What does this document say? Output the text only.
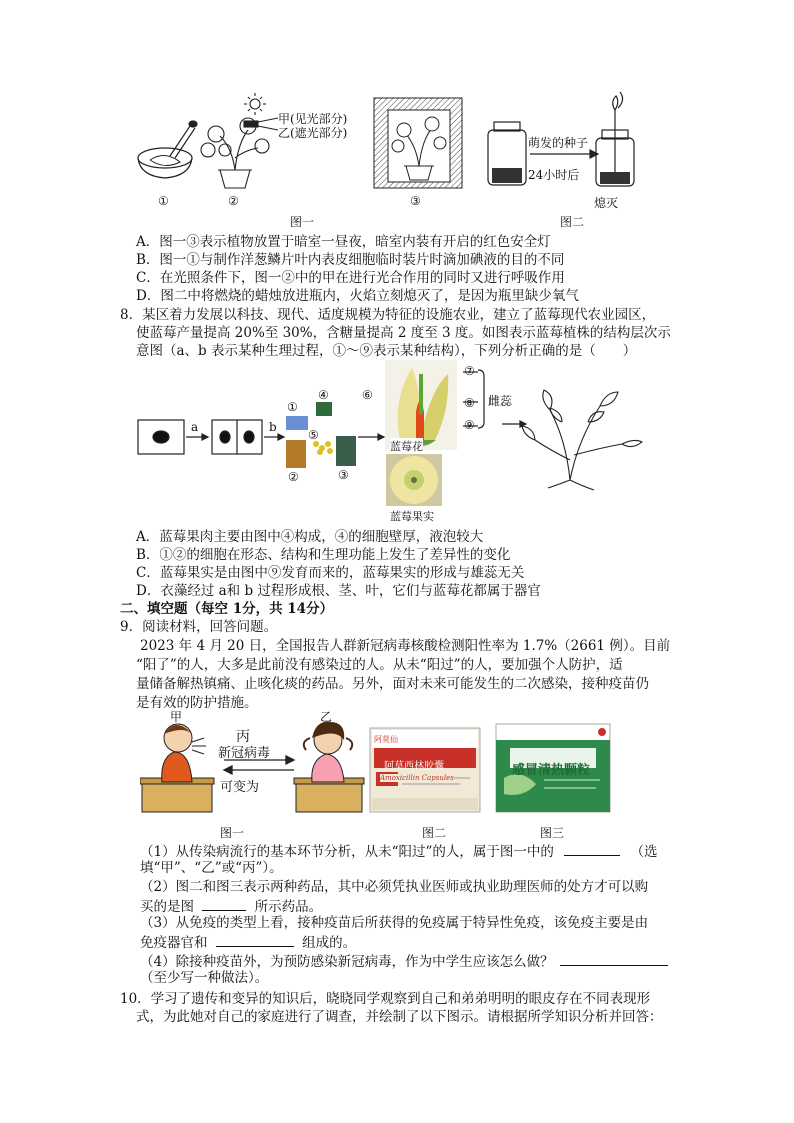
甲(见光部分)
乙(遮光部分)
①	②	③
萌发的种子
24小时后
熄灭
图一	图二
A．图一③表示植物放置于暗室一昼夜，暗室内装有开启的红色安全灯
B．图一①与制作洋葱鳞片叶内表皮细胞临时装片时滴加碘液的目的不同
C．在光照条件下，图一②中的甲在进行光合作用的同时又进行呼吸作用
D．图二中将燃烧的蜡烛放进瓶内，火焰立刻熄灭了，是因为瓶里缺少氧气
8．某区着力发展以科技、现代、适度规模为特征的设施农业，建立了蓝莓现代农业园区，
使蓝莓产量提高 20%至 30%，含糖量提高 2 度至 3 度。如图表示蓝莓植株的结构层次示
意图（a、b 表示某种生理过程，①～⑨表示某种结构），下列分析正确的是（　　）
a	b
①
④
⑤
②	③
⑥
⑦
⑧
⑨
雌蕊
蓝莓花
蓝莓果实
A．蓝莓果肉主要由图中④构成，④的细胞壁厚，液泡较大
B．①②的细胞在形态、结构和生理功能上发生了差异性的变化
C．蓝莓果实是由图中⑨发育而来的，蓝莓果实的形成与雄蕊无关
D．衣藻经过 a和 b 过程形成根、茎、叶，它们与蓝莓花都属于器官
二、填空题（每空 1分，共 14分）
9．阅读材料，回答问题。
2023 年 4 月 20 日，全国报告人群新冠病毒核酸检测阳性率为 1.7%（2661 例）。目前
“阳了”的人，大多是此前没有感染过的人。从未“阳过”的人，要加强个人防护，适
量储备解热镇痛、止咳化痰的药品。另外，面对未来可能发生的二次感染，接种疫苗仍
是有效的防护措施。
甲
丙
新冠病毒
可变为
乙
阿莫仙
阿莫西林胶囊
Amoxicillin Capsules	感冒清热颗粒
图一	图二	图三
（1）从传染病流行的基本环节分析，从未“阳过”的人，属于图一中的	（选
填“甲”、“乙”或“丙”）。
（2）图二和图三表示两种药品，其中必须凭执业医师或执业助理医师的处方才可以购
买的是图	所示药品。
（3）从免疫的类型上看，接种疫苗后所获得的免疫属于特异性免疫，该免疫主要是由
免疫器官和	组成的。
（4）除接种疫苗外，为预防感染新冠病毒，作为中学生应该怎么做？
（至少写一种做法）。
10．学习了遗传和变异的知识后，晓晓同学观察到自己和弟弟明明的眼皮存在不同表现形
式，为此她对自己的家庭进行了调查，并绘制了以下图示。请根据所学知识分析并回答：
